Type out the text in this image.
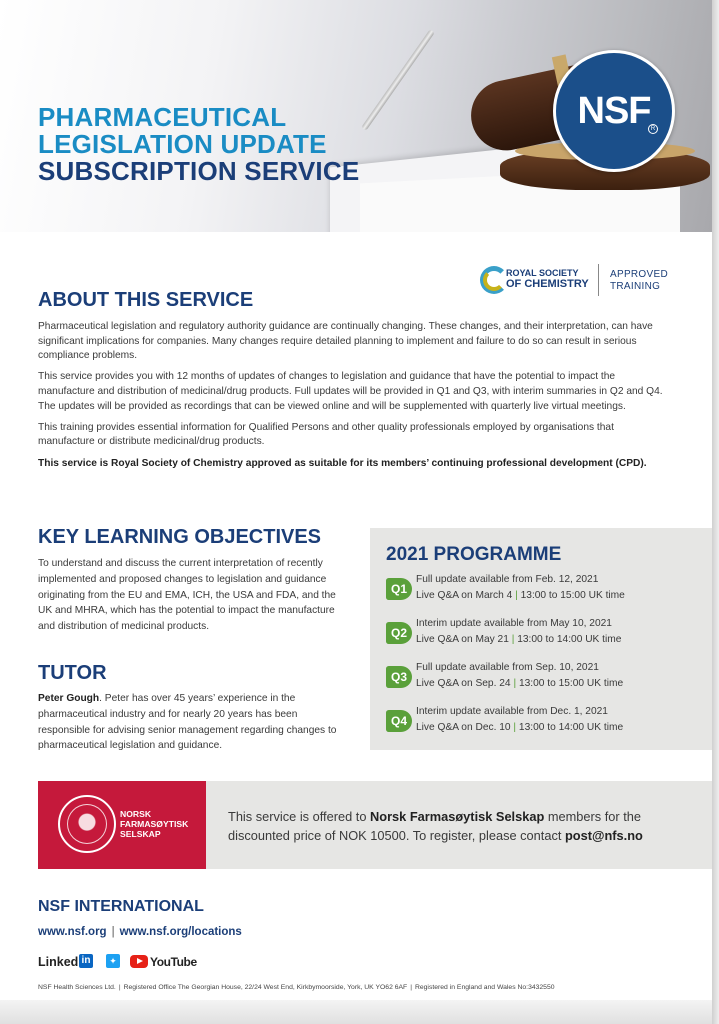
PHARMACEUTICAL
LEGISLATION UPDATE
SUBSCRIPTION SERVICE
NSF R
ROYAL SOCIETY
OF CHEMISTRY
APPROVED
TRAINING
ABOUT THIS SERVICE

Pharmaceutical legislation and regulatory authority guidance are continually changing. These changes, and their interpretation, can have significant implications for companies. Many changes require detailed planning to implement and failure to do so can result in serious compliance problems.

This service provides you with 12 months of updates of changes to legislation and guidance that have the potential to impact the manufacture and distribution of medicinal/drug products. Full updates will be provided in Q1 and Q3, with interim summaries in Q2 and Q4. The updates will be provided as recordings that can be viewed online and will be supplemented with quarterly live virtual meetings.

This training provides essential information for Qualified Persons and other quality professionals employed by organisations that manufacture or distribute medicinal/drug products.

This service is Royal Society of Chemistry approved as suitable for its members’ continuing professional development (CPD).

KEY LEARNING OBJECTIVES

To understand and discuss the current interpretation of recently implemented and proposed changes to legislation and guidance originating from the EU and EMA, ICH, the USA and FDA, and the UK and MHRA, which has the potential to impact the manufacture and distribution of medicinal products.

TUTOR

Peter Gough. Peter has over 45 years’ experience in the pharmaceutical industry and for nearly 20 years has been responsible for advising senior management regarding changes to pharmaceutical legislation and guidance.

2021 PROGRAMME
Q1
Full update available from Feb. 12, 2021
Live Q&A on March 4 | 13:00 to 15:00 UK time
Q2
Interim update available from May 10, 2021
Live Q&A on May 21 | 13:00 to 14:00 UK time
Q3
Full update available from Sep. 10, 2021
Live Q&A on Sep. 24 | 13:00 to 15:00 UK time
Q4
Interim update available from Dec. 1, 2021
Live Q&A on Dec. 10 | 13:00 to 14:00 UK time
NORSK
FARMASØYTISK
SELSKAP

This service is offered to Norsk Farmasøytisk Selskap members for the discounted price of NOK 10500. To register, please contact post@nfs.no

NSF INTERNATIONAL
www.nsf.org | www.nsf.org/locations
Linked in	✦	YouTube
NSF Health Sciences Ltd. | Registered Office The Georgian House, 22/24 West End, Kirkbymoorside, York, UK YO62 6AF | Registered in England and Wales No:3432550
